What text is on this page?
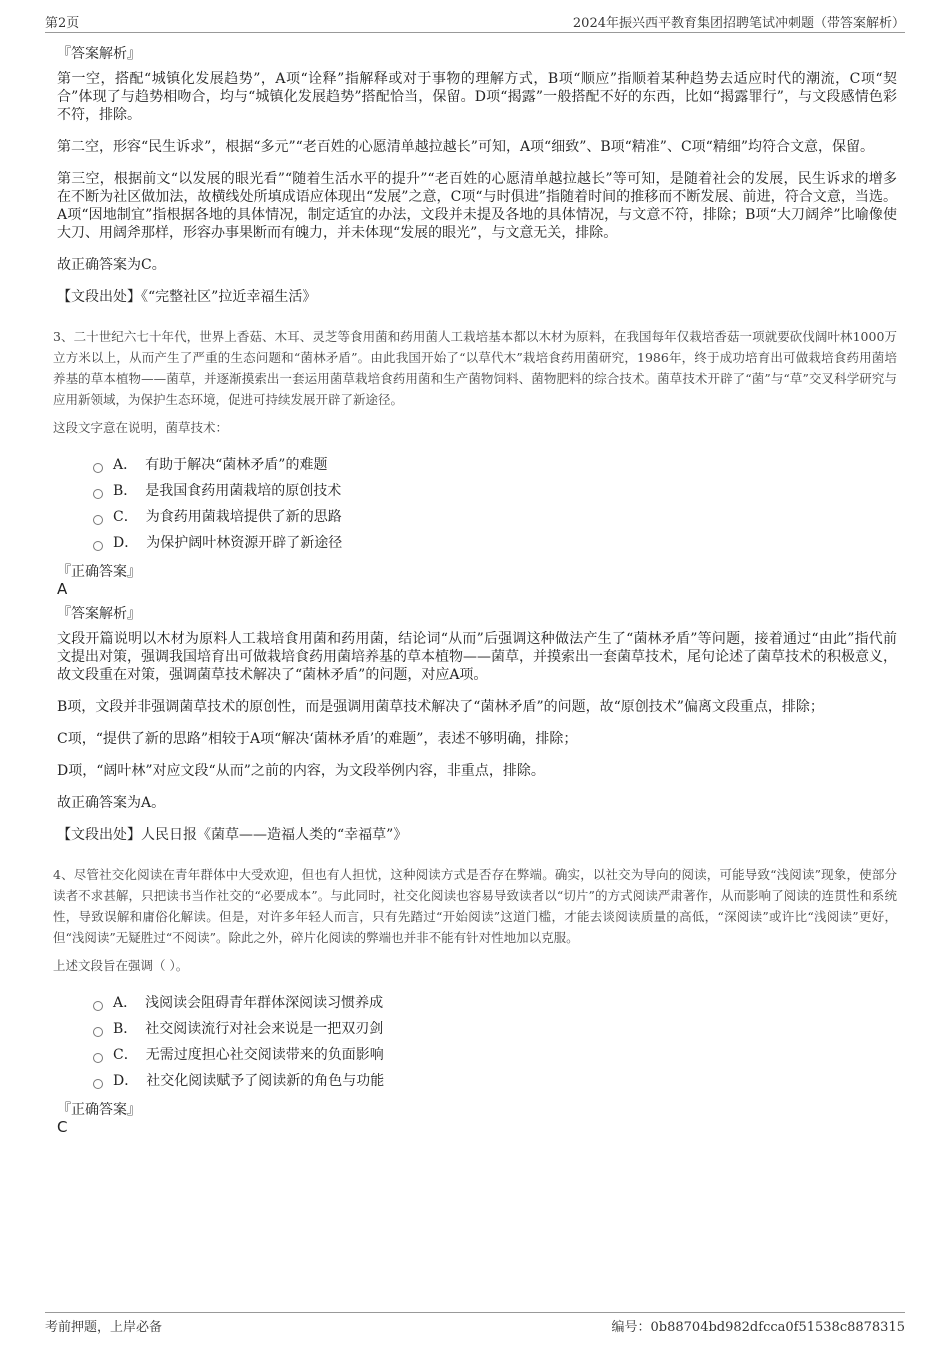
第2页	2024年振兴西平教育集团招聘笔试冲刺题（带答案解析）
『答案解析』

第一空，搭配“城镇化发展趋势”，A项“诠释”指解释或对于事物的理解方式，B项“顺应”指顺着某种趋势去适应时代的潮流，C项“契合”体现了与趋势相吻合，均与“城镇化发展趋势”搭配恰当，保留。D项“揭露”一般搭配不好的东西，比如“揭露罪行”，与文段感情色彩不符，排除。

第二空，形容“民生诉求”，根据“多元”“老百姓的心愿清单越拉越长”可知，A项“细致”、B项“精准”、C项“精细”均符合文意，保留。

第三空，根据前文“以发展的眼光看”“随着生活水平的提升”“老百姓的心愿清单越拉越长”等可知，是随着社会的发展，民生诉求的增多在不断为社区做加法，故横线处所填成语应体现出“发展”之意，C项“与时俱进”指随着时间的推移而不断发展、前进，符合文意，当选。A项“因地制宜”指根据各地的具体情况，制定适宜的办法，文段并未提及各地的具体情况，与文意不符，排除；B项“大刀阔斧”比喻像使大刀、用阔斧那样，形容办事果断而有魄力，并未体现“发展的眼光”，与文意无关，排除。

故正确答案为C。

【文段出处】《“完整社区”拉近幸福生活》

3、二十世纪六七十年代，世界上香菇、木耳、灵芝等食用菌和药用菌人工栽培基本都以木材为原料，在我国每年仅栽培香菇一项就要砍伐阔叶林1000万立方米以上，从而产生了严重的生态问题和“菌林矛盾”。由此我国开始了“以草代木”栽培食药用菌研究，1986年，终于成功培育出可做栽培食药用菌培养基的草本植物——菌草，并逐渐摸索出一套运用菌草栽培食药用菌和生产菌物饲料、菌物肥料的综合技术。菌草技术开辟了“菌”与“草”交叉科学研究与应用新领域，为保护生态环境，促进可持续发展开辟了新途径。

这段文字意在说明，菌草技术：
A． 有助于解决“菌林矛盾”的难题
B． 是我国食药用菌栽培的原创技术
C． 为食药用菌栽培提供了新的思路
D． 为保护阔叶林资源开辟了新途径
『正确答案』
A
『答案解析』

文段开篇说明以木材为原料人工栽培食用菌和药用菌，结论词“从而”后强调这种做法产生了“菌林矛盾”等问题，接着通过“由此”指代前文提出对策，强调我国培育出可做栽培食药用菌培养基的草本植物——菌草，并摸索出一套菌草技术，尾句论述了菌草技术的积极意义，故文段重在对策，强调菌草技术解决了“菌林矛盾”的问题，对应A项。

B项，文段并非强调菌草技术的原创性，而是强调用菌草技术解决了“菌林矛盾”的问题，故“原创技术”偏离文段重点，排除；

C项，“提供了新的思路”相较于A项“解决‘菌林矛盾’的难题”，表述不够明确，排除；

D项，“阔叶林”对应文段“从而”之前的内容，为文段举例内容，非重点，排除。

故正确答案为A。

【文段出处】人民日报《菌草——造福人类的“幸福草”》

4、尽管社交化阅读在青年群体中大受欢迎，但也有人担忧，这种阅读方式是否存在弊端。确实，以社交为导向的阅读，可能导致“浅阅读”现象，使部分读者不求甚解，只把读书当作社交的“必要成本”。与此同时，社交化阅读也容易导致读者以“切片”的方式阅读严肃著作，从而影响了阅读的连贯性和系统性，导致误解和庸俗化解读。但是，对许多年轻人而言，只有先踏过“开始阅读”这道门槛，才能去谈阅读质量的高低，“深阅读”或许比“浅阅读”更好，但“浅阅读”无疑胜过“不阅读”。除此之外，碎片化阅读的弊端也并非不能有针对性地加以克服。

上述文段旨在强调（ ）。
A． 浅阅读会阻碍青年群体深阅读习惯养成
B． 社交阅读流行对社会来说是一把双刃剑
C． 无需过度担心社交阅读带来的负面影响
D． 社交化阅读赋予了阅读新的角色与功能
『正确答案』
C
考前押题，上岸必备	编号：0b88704bd982dfcca0f51538c8878315
